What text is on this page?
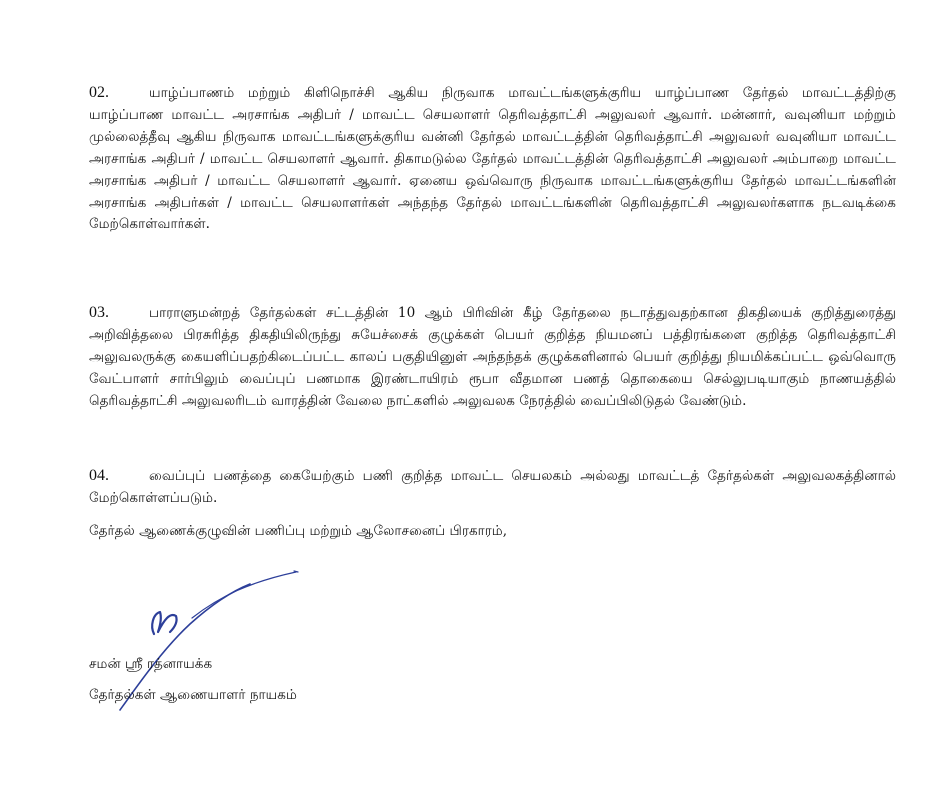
02.	யாழ்ப்பாணம் மற்றும் கிளிநொச்சி ஆகிய நிருவாக மாவட்டங்களுக்குரிய யாழ்ப்பாண தேர்தல் மாவட்டத்திற்கு யாழ்ப்பாண மாவட்ட அரசாங்க அதிபர் / மாவட்ட செயலாளர் தெரிவத்தாட்சி அலுவலர் ஆவார். மன்னார், வவுனியா மற்றும் முல்லைத்தீவு ஆகிய நிருவாக மாவட்டங்களுக்குரிய வன்னி தேர்தல் மாவட்டத்தின் தெரிவத்தாட்சி அலுவலர் வவுனியா மாவட்ட அரசாங்க அதிபர் / மாவட்ட செயலாளர் ஆவார். திகாமடுல்ல தேர்தல் மாவட்டத்தின் தெரிவத்தாட்சி அலுவலர் அம்பாறை மாவட்ட அரசாங்க அதிபர் / மாவட்ட செயலாளர் ஆவார். ஏனைய ஒவ்வொரு நிருவாக மாவட்டங்களுக்குரிய தேர்தல் மாவட்டங்களின் அரசாங்க அதிபர்கள் / மாவட்ட செயலாளர்கள் அந்தந்த தேர்தல் மாவட்டங்களின் தெரிவத்தாட்சி அலுவலர்களாக நடவடிக்கை மேற்கொள்வார்கள்.
03.	பாராளுமன்றத் தேர்தல்கள் சட்டத்தின் 10 ஆம் பிரிவின் கீழ் தேர்தலை நடாத்துவதற்கான திகதியைக் குறித்துரைத்து அறிவித்தலை பிரசுரித்த திகதியிலிருந்து சுயேச்சைக் குழுக்கள் பெயர் குறித்த நியமனப் பத்திரங்களை குறித்த தெரிவத்தாட்சி அலுவலருக்கு கையளிப்பதற்கிடைப்பட்ட காலப் பகுதியினுள் அந்தந்தக் குழுக்களினால் பெயர் குறித்து நியமிக்கப்பட்ட ஒவ்வொரு வேட்பாளர் சார்பிலும் வைப்புப் பணமாக இரண்டாயிரம் ரூபா வீதமான பணத் தொகையை செல்லுபடியாகும் நாணயத்தில் தெரிவத்தாட்சி அலுவலரிடம் வாரத்தின் வேலை நாட்களில் அலுவலக நேரத்தில் வைப்பிலிடுதல் வேண்டும்.
04.	வைப்புப் பணத்தை கையேற்கும் பணி குறித்த மாவட்ட செயலகம் அல்லது மாவட்டத் தேர்தல்கள் அலுவலகத்தினால் மேற்கொள்ளப்படும்.
தேர்தல் ஆணைக்குழுவின் பணிப்பு மற்றும் ஆலோசனைப் பிரகாரம்,
சமன் ஸ்ரீ ரத்னாயக்க
தேர்தல்கள் ஆணையாளர் நாயகம்
